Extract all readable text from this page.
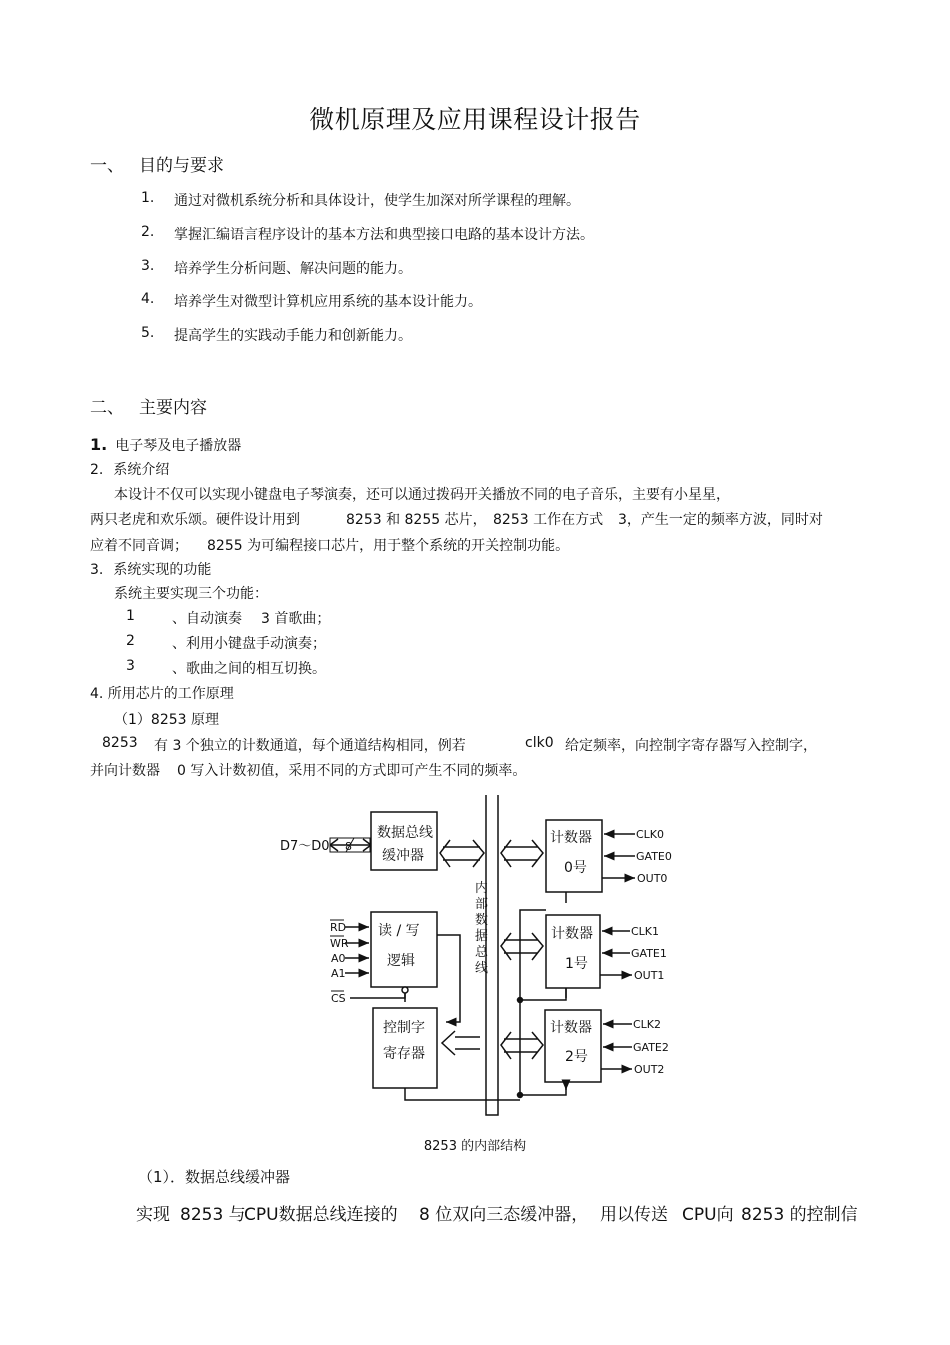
微机原理及应用课程设计报告
一、 目的与要求
1. 通过对微机系统分析和具体设计，使学生加深对所学课程的理解。
2. 掌握汇编语言程序设计的基本方法和典型接口电路的基本设计方法。
3. 培养学生分析问题、解决问题的能力。
4. 培养学生对微型计算机应用系统的基本设计能力。
5. 提高学生的实践动手能力和创新能力。
二、 主要内容
1. 电子琴及电子播放器
2. 系统介绍
本设计不仅可以实现小键盘电子琴演奏，还可以通过拨码开关播放不同的电子音乐，主要有小星星，
两只老虎和欢乐颂。硬件设计用到	8253 和 8255 芯片， 8253 工作在方式 3，产生一定的频率方波，同时对
应着不同音调； 8255 为可编程接口芯片，用于整个系统的开关控制功能。
3. 系统实现的功能
系统主要实现三个功能：
1	、自动演奏 3 首歌曲；
2	、利用小键盘手动演奏；
3	、歌曲之间的相互切换。
4. 所用芯片的工作原理
（1）8253 原理
8253 有 3 个独立的计数通道，每个通道结构相同，例若	clk0 给定频率，向控制字寄存器写入控制字，
并向计数器 0 写入计数初值，采用不同的方式即可产生不同的频率。
D7～D0 8
数据总线
缓冲器
读 / 写
逻辑
控制字
寄存器
内
部
数
据
总
线
RD
WR
A0
A1
CS
计数器
0号
计数器
1号
计数器
2号
CLK0
GATE0
OUT0
CLK1
GATE1
OUT1
CLK2
GATE2
OUT2
8253 的内部结构
（1）．数据总线缓冲器
实现 8253 与
CPU数据总线连接的 8 位双向三态缓冲器， 用以传送 CPU向 8253 的控制信
